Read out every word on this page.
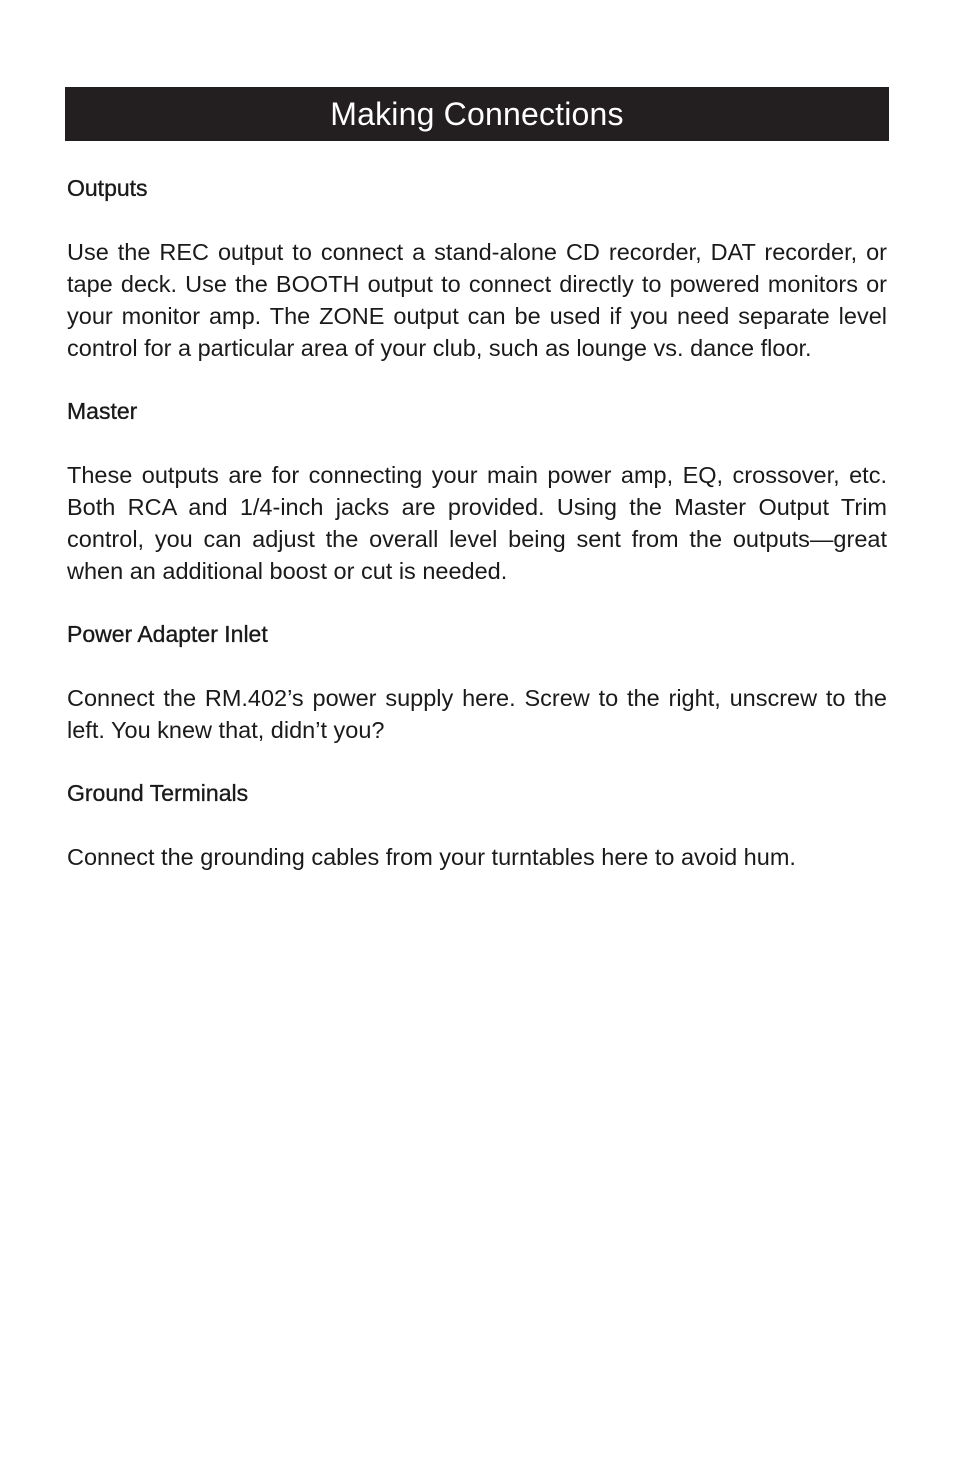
Making Connections
Outputs

Use the REC output to connect a stand-alone CD recorder, DAT recorder, or tape deck. Use the BOOTH output to connect directly to powered monitors or your monitor amp. The ZONE output can be used if you need separate level control for a particular area of your club, such as lounge vs. dance floor.

Master

These outputs are for connecting your main power amp, EQ, crossover, etc. Both RCA and 1/4-inch jacks are provided. Using the Master Output Trim control, you can adjust the overall level being sent from the outputs—great when an additional boost or cut is needed.

Power Adapter Inlet

Connect the RM.402’s power supply here. Screw to the right, unscrew to the left. You knew that, didn’t you?

Ground Terminals

Connect the grounding cables from your turntables here to avoid hum.
